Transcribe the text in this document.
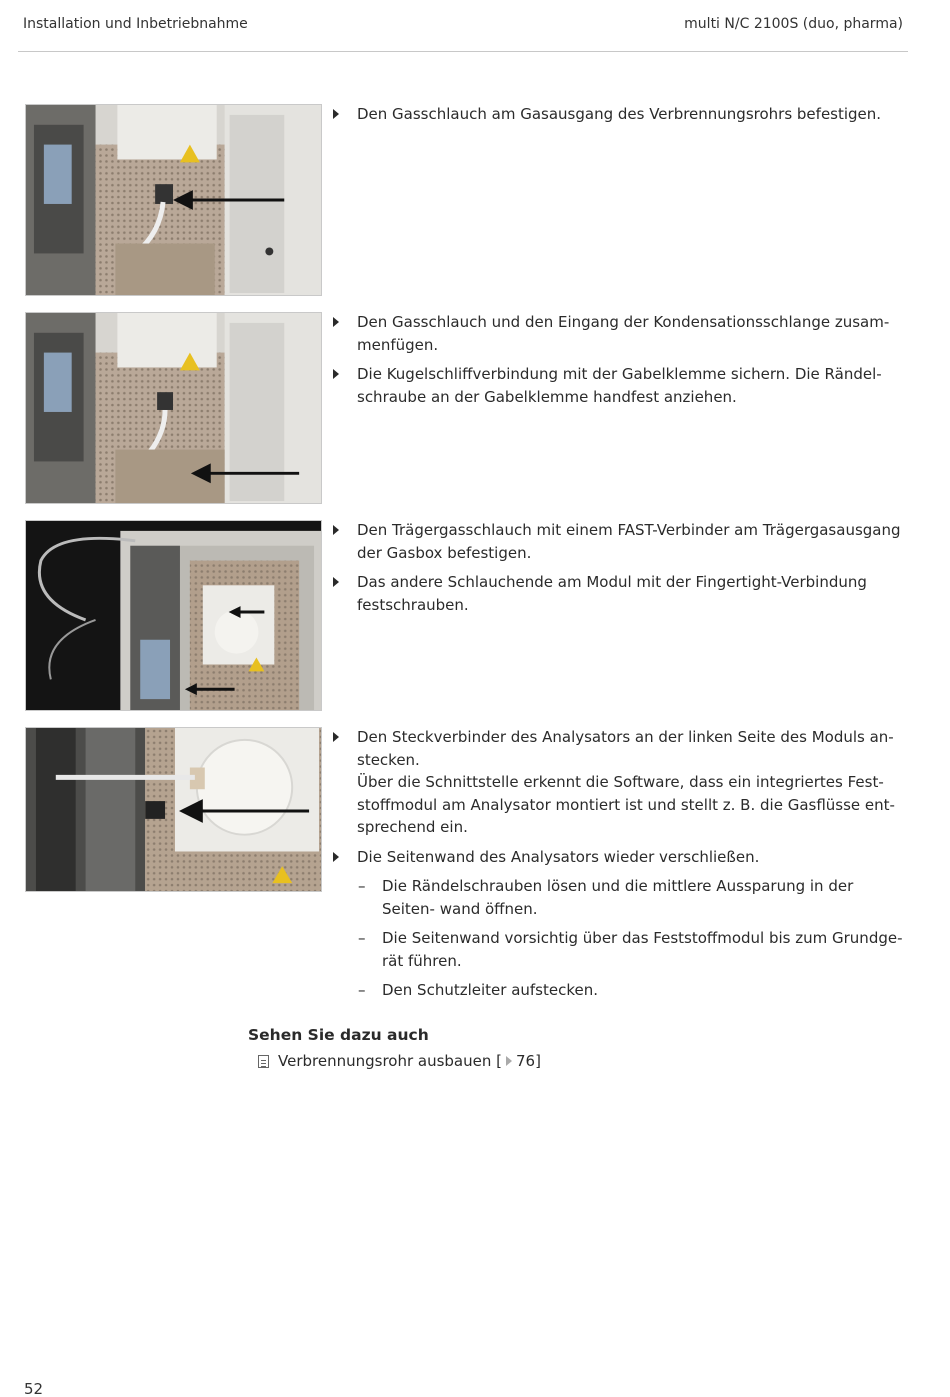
Installation und Inbetriebnahme	multi N/C 2100S (duo, pharma)
Den Gasschlauch am Gasausgang des Verbrennungsrohrs befestigen.
Den Gasschlauch und den Eingang der Kondensationsschlange zusam-
menfügen.
Die Kugelschliffverbindung mit der Gabelklemme sichern. Die Rändel-
schraube an der Gabelklemme handfest anziehen.
Den Trägergasschlauch mit einem FAST-Verbinder am Trägergasausgang
der Gasbox befestigen.
Das andere Schlauchende am Modul mit der Fingertight-Verbindung
festschrauben.
Den Steckverbinder des Analysators an der linken Seite des Moduls an-
stecken.
Über die Schnittstelle erkennt die Software, dass ein integriertes Fest-
stoffmodul am Analysator montiert ist und stellt z. B. die Gasflüsse ent-
sprechend ein.
Die Seitenwand des Analysators wieder verschließen.
– Die Rändelschrauben lösen und die mittlere Aussparung in der Seiten- wand öffnen.
– Die Seitenwand vorsichtig über das Feststoffmodul bis zum Grundge- rät führen.
– Den Schutzleiter aufstecken.
Sehen Sie dazu auch
Verbrennungsrohr ausbauen [ 76]
52
